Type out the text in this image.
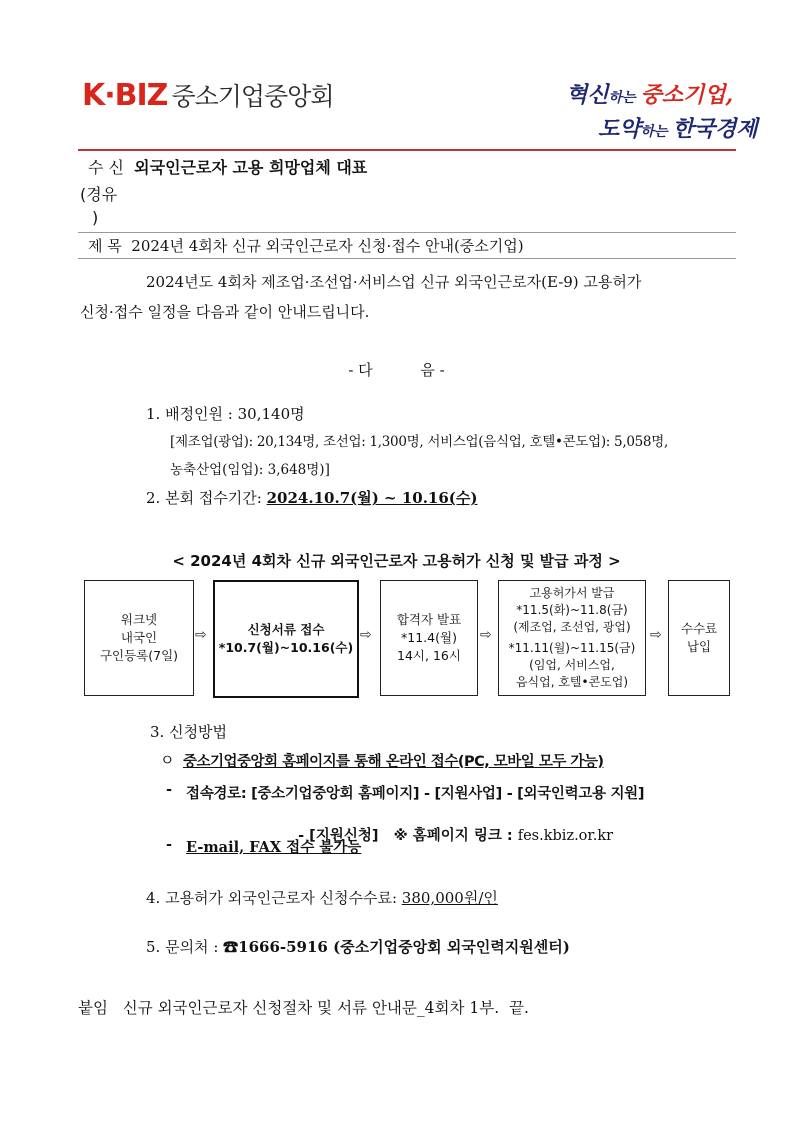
K·BIZ 중소기업중앙회	혁신하는 중소기업,
도약하는 한국경제
수 신 외국인근로자 고용 희망업체 대표
(경유
)
제 목 2024년 4회차 신규 외국인근로자 신청·접수 안내(중소기업)
2024년도 4회차 제조업·조선업·서비스업 신규 외국인근로자(E-9) 고용허가
신청·접수 일정을 다음과 같이 안내드립니다.
- 다          음 -
1. 배정인원 : 30,140명
[제조업(광업): 20,134명, 조선업: 1,300명, 서비스업(음식업, 호텔•콘도업): 5,058명,
농축산업(임업): 3,648명)]
2. 본회 접수기간: 2024.10.7(월) ~ 10.16(수)
< 2024년 4회차 신규 외국인근로자 고용허가 신청 및 발급 과정 >
워크넷
내국인
구인등록(7일)
⇨	신청서류 접수
*10.7(월)~10.16(수)
⇨
합격자 발표
*11.4(월)
14시, 16시
⇨
고용허가서 발급
*11.5(화)~11.8(금)
(제조업, 조선업, 광업)
*11.11(월)~11.15(금)
(임업, 서비스업,
음식업, 호텔•콘도업)
⇨	수수료
납입
3. 신청방법
ㅇ 중소기업중앙회 홈페이지를 통해 온라인 접수(PC, 모바일 모두 가능)
- 접속경로: [중소기업중앙회 홈페이지] - [지원사업] - [외국인력고용 지원]

- [지원신청]   ※ 홈페이지 링크 : fes.kbiz.or.kr

- E-mail, FAX 접수 불가능
4. 고용허가 외국인근로자 신청수수료: 380,000원/인
5. 문의처 : ☎1666-5916 (중소기업중앙회 외국인력지원센터)
붙임   신규 외국인근로자 신청절차 및 서류 안내문_4회차 1부.  끝.
